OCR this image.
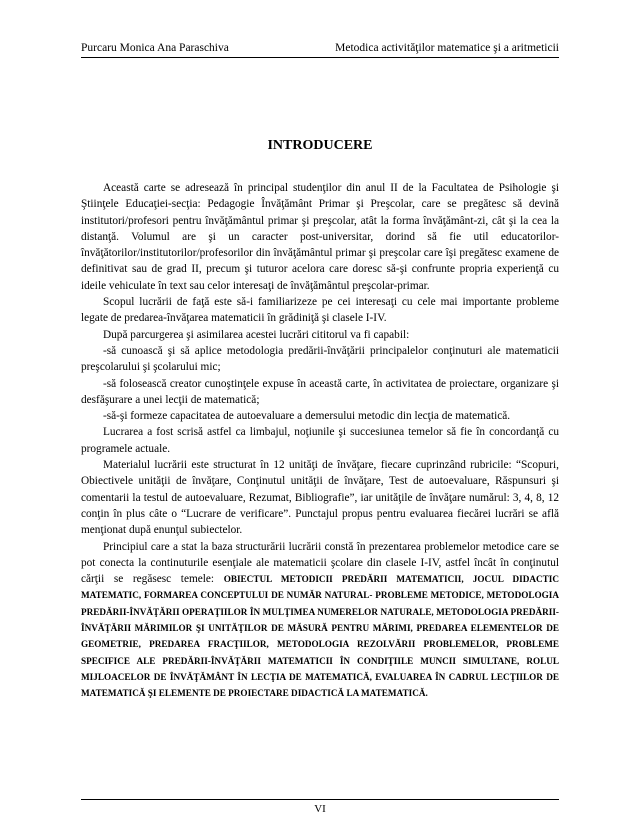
Purcaru Monica Ana Paraschiva	Metodica activităţilor matematice şi a aritmeticii
INTRODUCERE

Această carte se adresează în principal studenţilor din anul II de la Facultatea de Psihologie şi Ştiinţele Educaţiei-secţia: Pedagogie Învăţământ Primar şi Preşcolar, care se pregătesc să devină institutori/profesori pentru învăţământul primar şi preşcolar, atât la forma învăţământ-zi, cât şi la cea la distanţă. Volumul are şi un caracter post-universitar, dorind să fie util educatorilor-învăţătorilor/institutorilor/profesorilor din învăţământul primar şi preşcolar care îşi pregătesc examene de definitivat sau de grad II, precum şi tuturor acelora care doresc să-şi confrunte propria experienţă cu ideile vehiculate în text sau celor interesaţi de învăţământul preşcolar-primar.

Scopul lucrării de faţă este să-i familiarizeze pe cei interesaţi cu cele mai importante probleme legate de predarea-învăţarea matematicii în grădiniţă şi clasele I-IV.

După parcurgerea şi asimilarea acestei lucrări cititorul va fi capabil:

-să cunoască şi să aplice metodologia predării-învăţării principalelor conţinuturi ale matematicii preşcolarului şi şcolarului mic;

-să folosească creator cunoştinţele expuse în această carte, în activitatea de proiectare, organizare şi desfăşurare a unei lecţii de matematică;

-să-şi formeze capacitatea de autoevaluare a demersului metodic din lecţia de matematică.

Lucrarea a fost scrisă astfel ca limbajul, noţiunile şi succesiunea temelor să fie în concordanţă cu programele actuale.

Materialul lucrării este structurat în 12 unităţi de învăţare, fiecare cuprinzând rubricile: “Scopuri, Obiectivele unităţii de învăţare, Conţinutul unităţii de învăţare, Test de autoevaluare, Răspunsuri şi comentarii la testul de autoevaluare, Rezumat, Bibliografie”, iar unităţile de învăţare numărul: 3, 4, 8, 12 conţin în plus câte o “Lucrare de verificare”. Punctajul propus pentru evaluarea fiecărei lucrări se află menţionat după enunţul subiectelor.

Principiul care a stat la baza structurării lucrării constă în prezentarea problemelor metodice care se pot conecta la continuturile esenţiale ale matematicii şcolare din clasele I-IV, astfel încât în conţinutul cărţii se regăsesc temele: OBIECTUL METODICII PREDĂRII MATEMATICII, JOCUL DIDACTIC MATEMATIC, FORMAREA CONCEPTULUI DE NUMĂR NATURAL- PROBLEME METODICE, METODOLOGIA PREDĂRII-ÎNVĂŢĂRII OPERAŢIILOR ÎN MULŢIMEA NUMERELOR NATURALE, METODOLOGIA PREDĂRII-ÎNVĂŢĂRII MĂRIMILOR ŞI UNITĂŢILOR DE MĂSURĂ PENTRU MĂRIMI, PREDAREA ELEMENTELOR DE GEOMETRIE, PREDAREA FRACŢIILOR, METODOLOGIA REZOLVĂRII PROBLEMELOR, PROBLEME SPECIFICE ALE PREDĂRII-ÎNVĂŢĂRII MATEMATICII ÎN CONDIŢIILE MUNCII SIMULTANE, ROLUL MIJLOACELOR DE ÎNVĂŢĂMÂNT ÎN LECŢIA DE MATEMATICĂ, EVALUAREA ÎN CADRUL LECŢIILOR DE MATEMATICĂ ŞI ELEMENTE DE PROIECTARE DIDACTICĂ LA MATEMATICĂ.

VI
